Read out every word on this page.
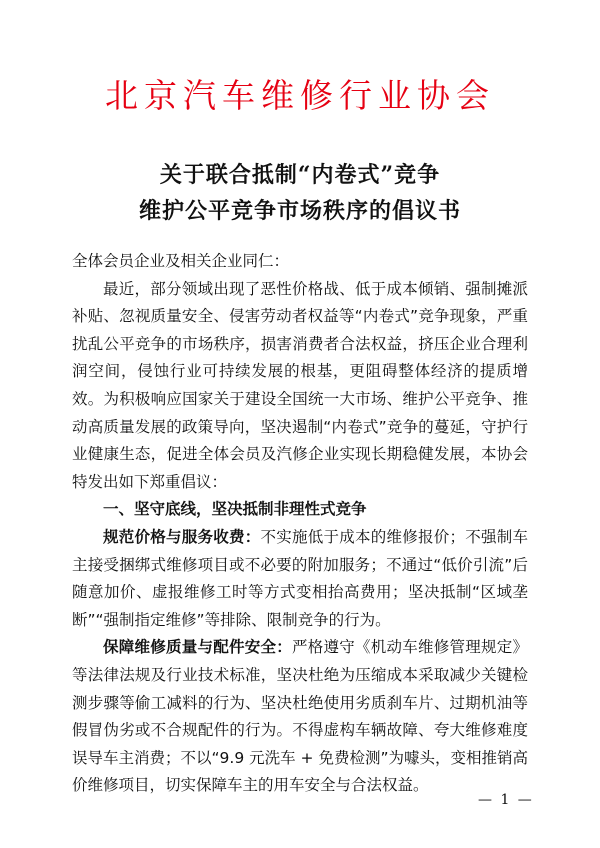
北京汽车维修行业协会
关于联合抵制“内卷式”竞争
维护公平竞争市场秩序的倡议书

全体会员企业及相关企业同仁：

最近，部分领域出现了恶性价格战、低于成本倾销、强制摊派补贴、忽视质量安全、侵害劳动者权益等“内卷式”竞争现象，严重扰乱公平竞争的市场秩序，损害消费者合法权益，挤压企业合理利润空间，侵蚀行业可持续发展的根基，更阻碍整体经济的提质增效。为积极响应国家关于建设全国统一大市场、维护公平竞争、推动高质量发展的政策导向，坚决遏制“内卷式”竞争的蔓延，守护行业健康生态，促进全体会员及汽修企业实现长期稳健发展，本协会特发出如下郑重倡议：

一、坚守底线，坚决抵制非理性式竞争

规范价格与服务收费：不实施低于成本的维修报价；不强制车主接受捆绑式维修项目或不必要的附加服务；不通过“低价引流”后随意加价、虚报维修工时等方式变相抬高费用；坚决抵制“区域垄断”“强制指定维修”等排除、限制竞争的行为。

保障维修质量与配件安全：严格遵守《机动车维修管理规定》等法律法规及行业技术标准，坚决杜绝为压缩成本采取减少关键检测步骤等偷工减料的行为、坚决杜绝使用劣质刹车片、过期机油等假冒伪劣或不合规配件的行为。不得虚构车辆故障、夸大维修难度误导车主消费；不以“9.9 元洗车 + 免费检测”为噱头，变相推销高价维修项目，切实保障车主的用车安全与合法权益。

— 1 —
